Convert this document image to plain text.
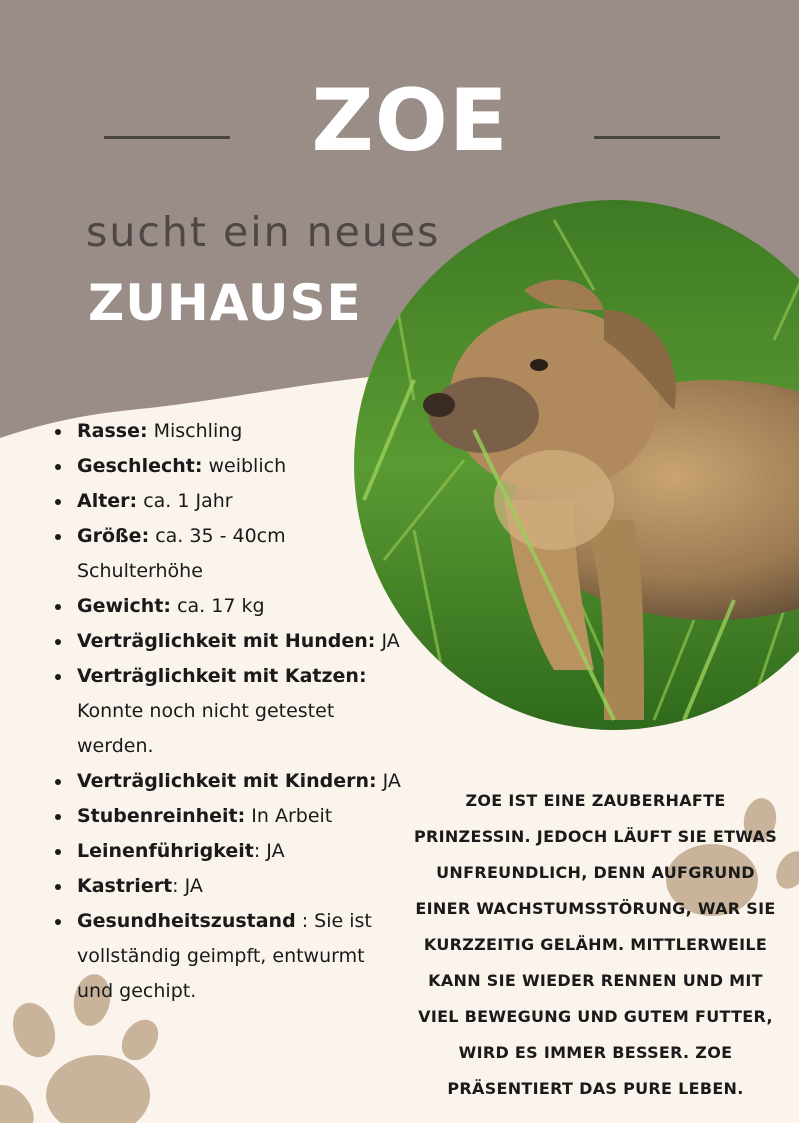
ZOE
sucht ein neues
ZUHAUSE
Rasse: Mischling
Geschlecht: weiblich
Alter: ca. 1 Jahr
Größe: ca. 35 - 40cm Schulterhöhe
Gewicht: ca. 17 kg
Verträglichkeit mit Hunden: JA
Verträglichkeit mit Katzen: Konnte noch nicht getestet werden.
Verträglichkeit mit Kindern: JA
Stubenreinheit: In Arbeit
Leinenführigkeit: JA
Kastriert: JA
Gesundheitszustand : Sie ist vollständig geimpft, entwurmt und gechipt.
ZOE IST EINE ZAUBERHAFTE PRINZESSIN. JEDOCH LÄUFT SIE ETWAS UNFREUNDLICH, DENN AUFGRUND EINER WACHSTUMSSTÖRUNG, WAR SIE KURZZEITIG GELÄHM. MITTLERWEILE KANN SIE WIEDER RENNEN UND MIT VIEL BEWEGUNG UND GUTEM FUTTER, WIRD ES IMMER BESSER. ZOE PRÄSENTIERT DAS PURE LEBEN.
